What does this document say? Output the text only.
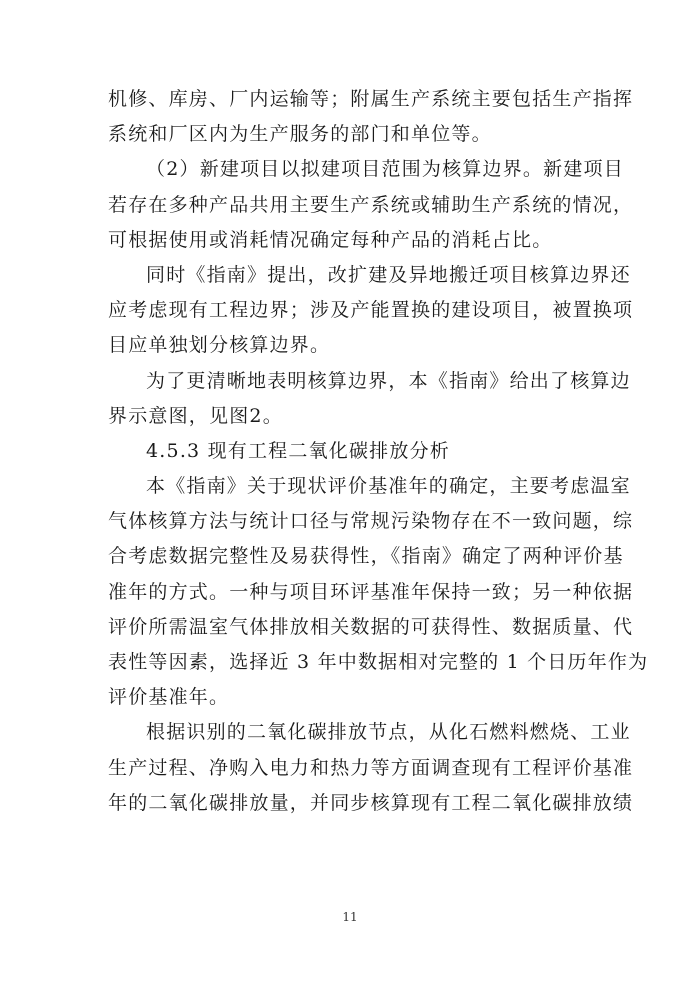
机修、库房、厂内运输等；附属生产系统主要包括生产指挥
系统和厂区内为生产服务的部门和单位等。
（2）新建项目以拟建项目范围为核算边界。新建项目
若存在多种产品共用主要生产系统或辅助生产系统的情况，
可根据使用或消耗情况确定每种产品的消耗占比。
同时《指南》提出，改扩建及异地搬迁项目核算边界还
应考虑现有工程边界；涉及产能置换的建设项目，被置换项
目应单独划分核算边界。
为了更清晰地表明核算边界，本《指南》给出了核算边
界示意图，见图2。
4.5.3 现有工程二氧化碳排放分析
本《指南》关于现状评价基准年的确定，主要考虑温室
气体核算方法与统计口径与常规污染物存在不一致问题，综
合考虑数据完整性及易获得性，《指南》确定了两种评价基
准年的方式。一种与项目环评基准年保持一致；另一种依据
评价所需温室气体排放相关数据的可获得性、数据质量、代
表性等因素，选择近 3 年中数据相对完整的 1 个日历年作为
评价基准年。
根据识别的二氧化碳排放节点，从化石燃料燃烧、工业
生产过程、净购入电力和热力等方面调查现有工程评价基准
年的二氧化碳排放量，并同步核算现有工程二氧化碳排放绩
11
